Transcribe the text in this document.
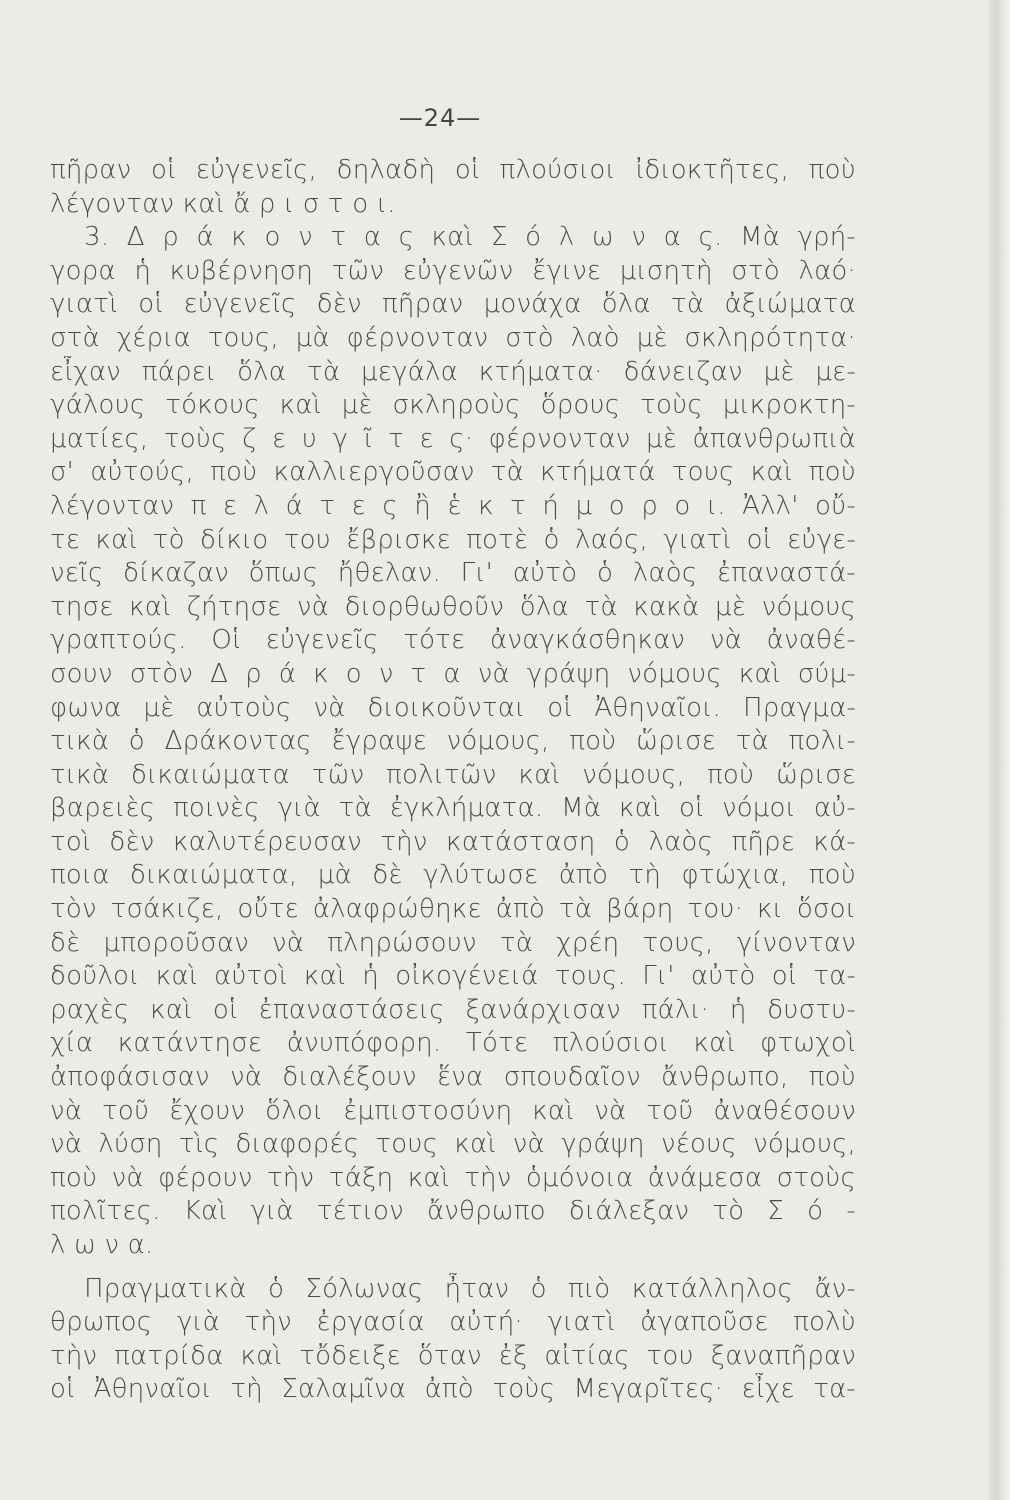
—24—
πῆραν οἱ εὐγενεῖς, δηλαδὴ οἱ πλούσιοι ἰδιοκτῆτες, ποὺ
λέγονταν καὶ ἄ ρ ι σ τ ο ι.
3. Δ ρ ά κ ο ν τ α ς καὶ Σ ό λ ω ν α ς. Μὰ γρή-
γορα ἡ κυβέρνηση τῶν εὐγενῶν ἔγινε μισητὴ στὸ λαό·
γιατὶ οἱ εὐγενεῖς δὲν πῆραν μονάχα ὅλα τὰ ἀξιώματα
στὰ χέρια τους, μὰ φέρνονταν στὸ λαὸ μὲ σκληρότητα·
εἶχαν πάρει ὅλα τὰ μεγάλα κτήματα· δάνειζαν μὲ με-
γάλους τόκους καὶ μὲ σκληροὺς ὅρους τοὺς μικροκτη-
ματίες, τοὺς ζ ε υ γ ῖ τ ε ς· φέρνονταν μὲ ἀπανθρωπιὰ
σ' αὐτούς, ποὺ καλλιεργοῦσαν τὰ κτήματά τους καὶ ποὺ
λέγονταν π ε λ ά τ ε ς ἢ ἑ κ τ ή μ ο ρ ο ι. Ἀλλ' οὔ-
τε καὶ τὸ δίκιο του ἔβρισκε ποτὲ ὁ λαός, γιατὶ οἱ εὐγε-
νεῖς δίκαζαν ὅπως ἤθελαν. Γι' αὐτὸ ὁ λαὸς ἐπαναστά-
τησε καὶ ζήτησε νὰ διορθωθοῦν ὅλα τὰ κακὰ μὲ νόμους
γραπτούς. Οἱ εὐγενεῖς τότε ἀναγκάσθηκαν νὰ ἀναθέ-
σουν στὸν Δ ρ ά κ ο ν τ α νὰ γράψη νόμους καὶ σύμ-
φωνα μὲ αὐτοὺς νὰ διοικοῦνται οἱ Ἀθηναῖοι. Πραγμα-
τικὰ ὁ Δράκοντας ἔγραψε νόμους, ποὺ ὥρισε τὰ πολι-
τικὰ δικαιώματα τῶν πολιτῶν καὶ νόμους, ποὺ ὥρισε
βαρειὲς ποινὲς γιὰ τὰ ἐγκλήματα. Μὰ καὶ οἱ νόμοι αὐ-
τοὶ δὲν καλυτέρευσαν τὴν κατάσταση ὁ λαὸς πῆρε κά-
ποια δικαιώματα, μὰ δὲ γλύτωσε ἀπὸ τὴ φτώχια, ποὺ
τὸν τσάκιζε, οὔτε ἀλαφρώθηκε ἀπὸ τὰ βάρη του· κι ὅσοι
δὲ μποροῦσαν νὰ πληρώσουν τὰ χρέη τους, γίνονταν
δοῦλοι καὶ αὐτοὶ καὶ ἡ οἰκογένειά τους. Γι' αὐτὸ οἱ τα-
ραχὲς καὶ οἱ ἐπαναστάσεις ξανάρχισαν πάλι· ἡ δυστυ-
χία κατάντησε ἀνυπόφορη. Τότε πλούσιοι καὶ φτωχοὶ
ἀποφάσισαν νὰ διαλέξουν ἕνα σπουδαῖον ἄνθρωπο, ποὺ
νὰ τοῦ ἔχουν ὅλοι ἐμπιστοσύνη καὶ νὰ τοῦ ἀναθέσουν
νὰ λύση τὶς διαφορές τους καὶ νὰ γράψη νέους νόμους,
ποὺ νὰ φέρουν τὴν τάξη καὶ τὴν ὁμόνοια ἀνάμεσα στοὺς
πολῖτες. Καὶ γιὰ τέτιον ἄνθρωπο διάλεξαν τὸ Σ ό -
λ ω ν α.
Πραγματικὰ ὁ Σόλωνας ἦταν ὁ πιὸ κατάλληλος ἄν-
θρωπος γιὰ τὴν ἐργασία αὐτή· γιατὶ ἀγαποῦσε πολὺ
τὴν πατρίδα καὶ τὄδειξε ὅταν ἐξ αἰτίας του ξαναπῆραν
οἱ Ἀθηναῖοι τὴ Σαλαμῖνα ἀπὸ τοὺς Μεγαρῖτες· εἶχε τα-
